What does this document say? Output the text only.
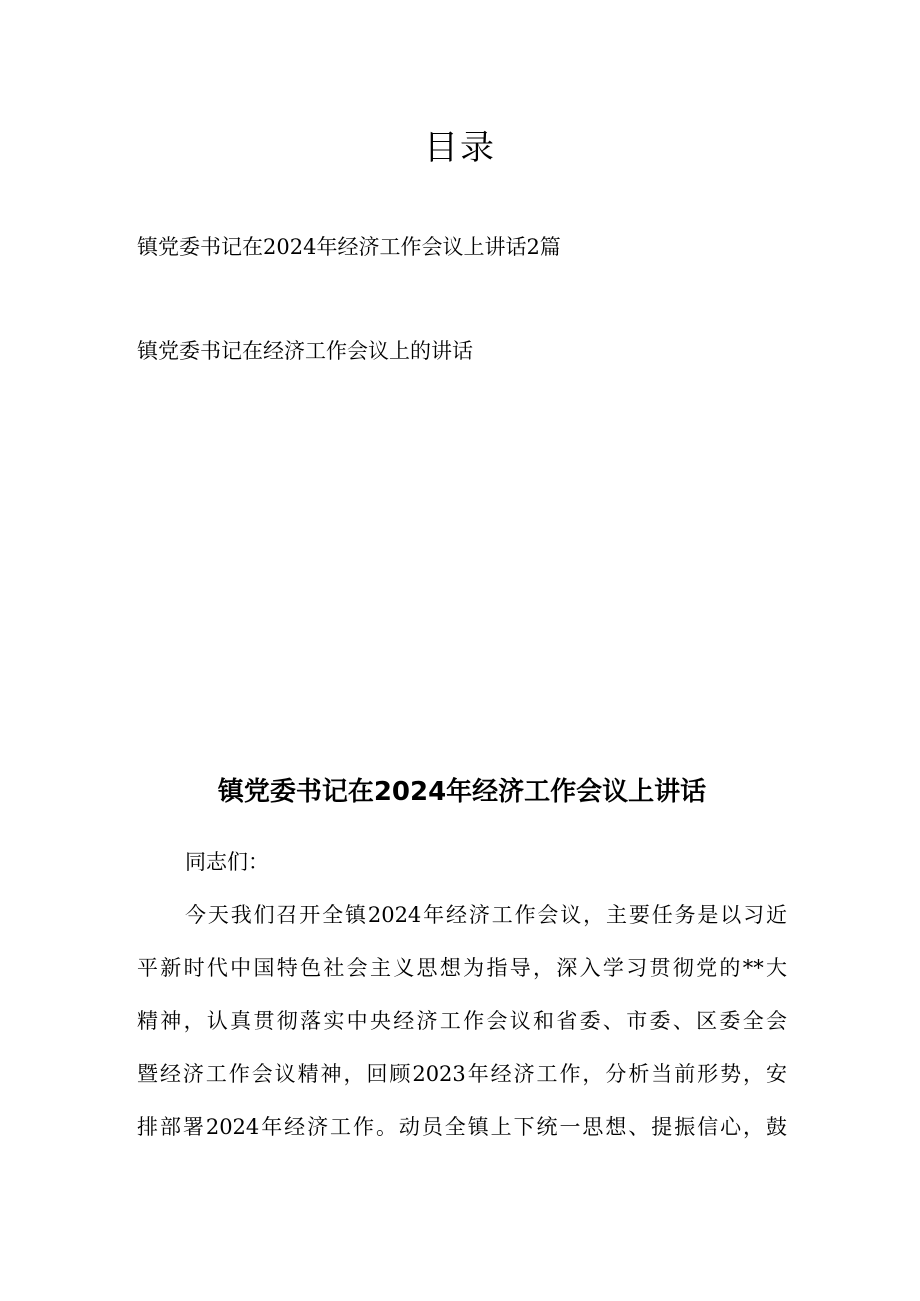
目录
镇党委书记在2024年经济工作会议上讲话2篇
镇党委书记在经济工作会议上的讲话
镇党委书记在2024年经济工作会议上讲话

同志们：

今天我们召开全镇2024年经济工作会议，主要任务是以习近
平新时代中国特色社会主义思想为指导，深入学习贯彻党的**大
精神，认真贯彻落实中央经济工作会议和省委、市委、区委全会
暨经济工作会议精神，回顾2023年经济工作，分析当前形势，安
排部署2024年经济工作。动员全镇上下统一思想、提振信心，鼓
